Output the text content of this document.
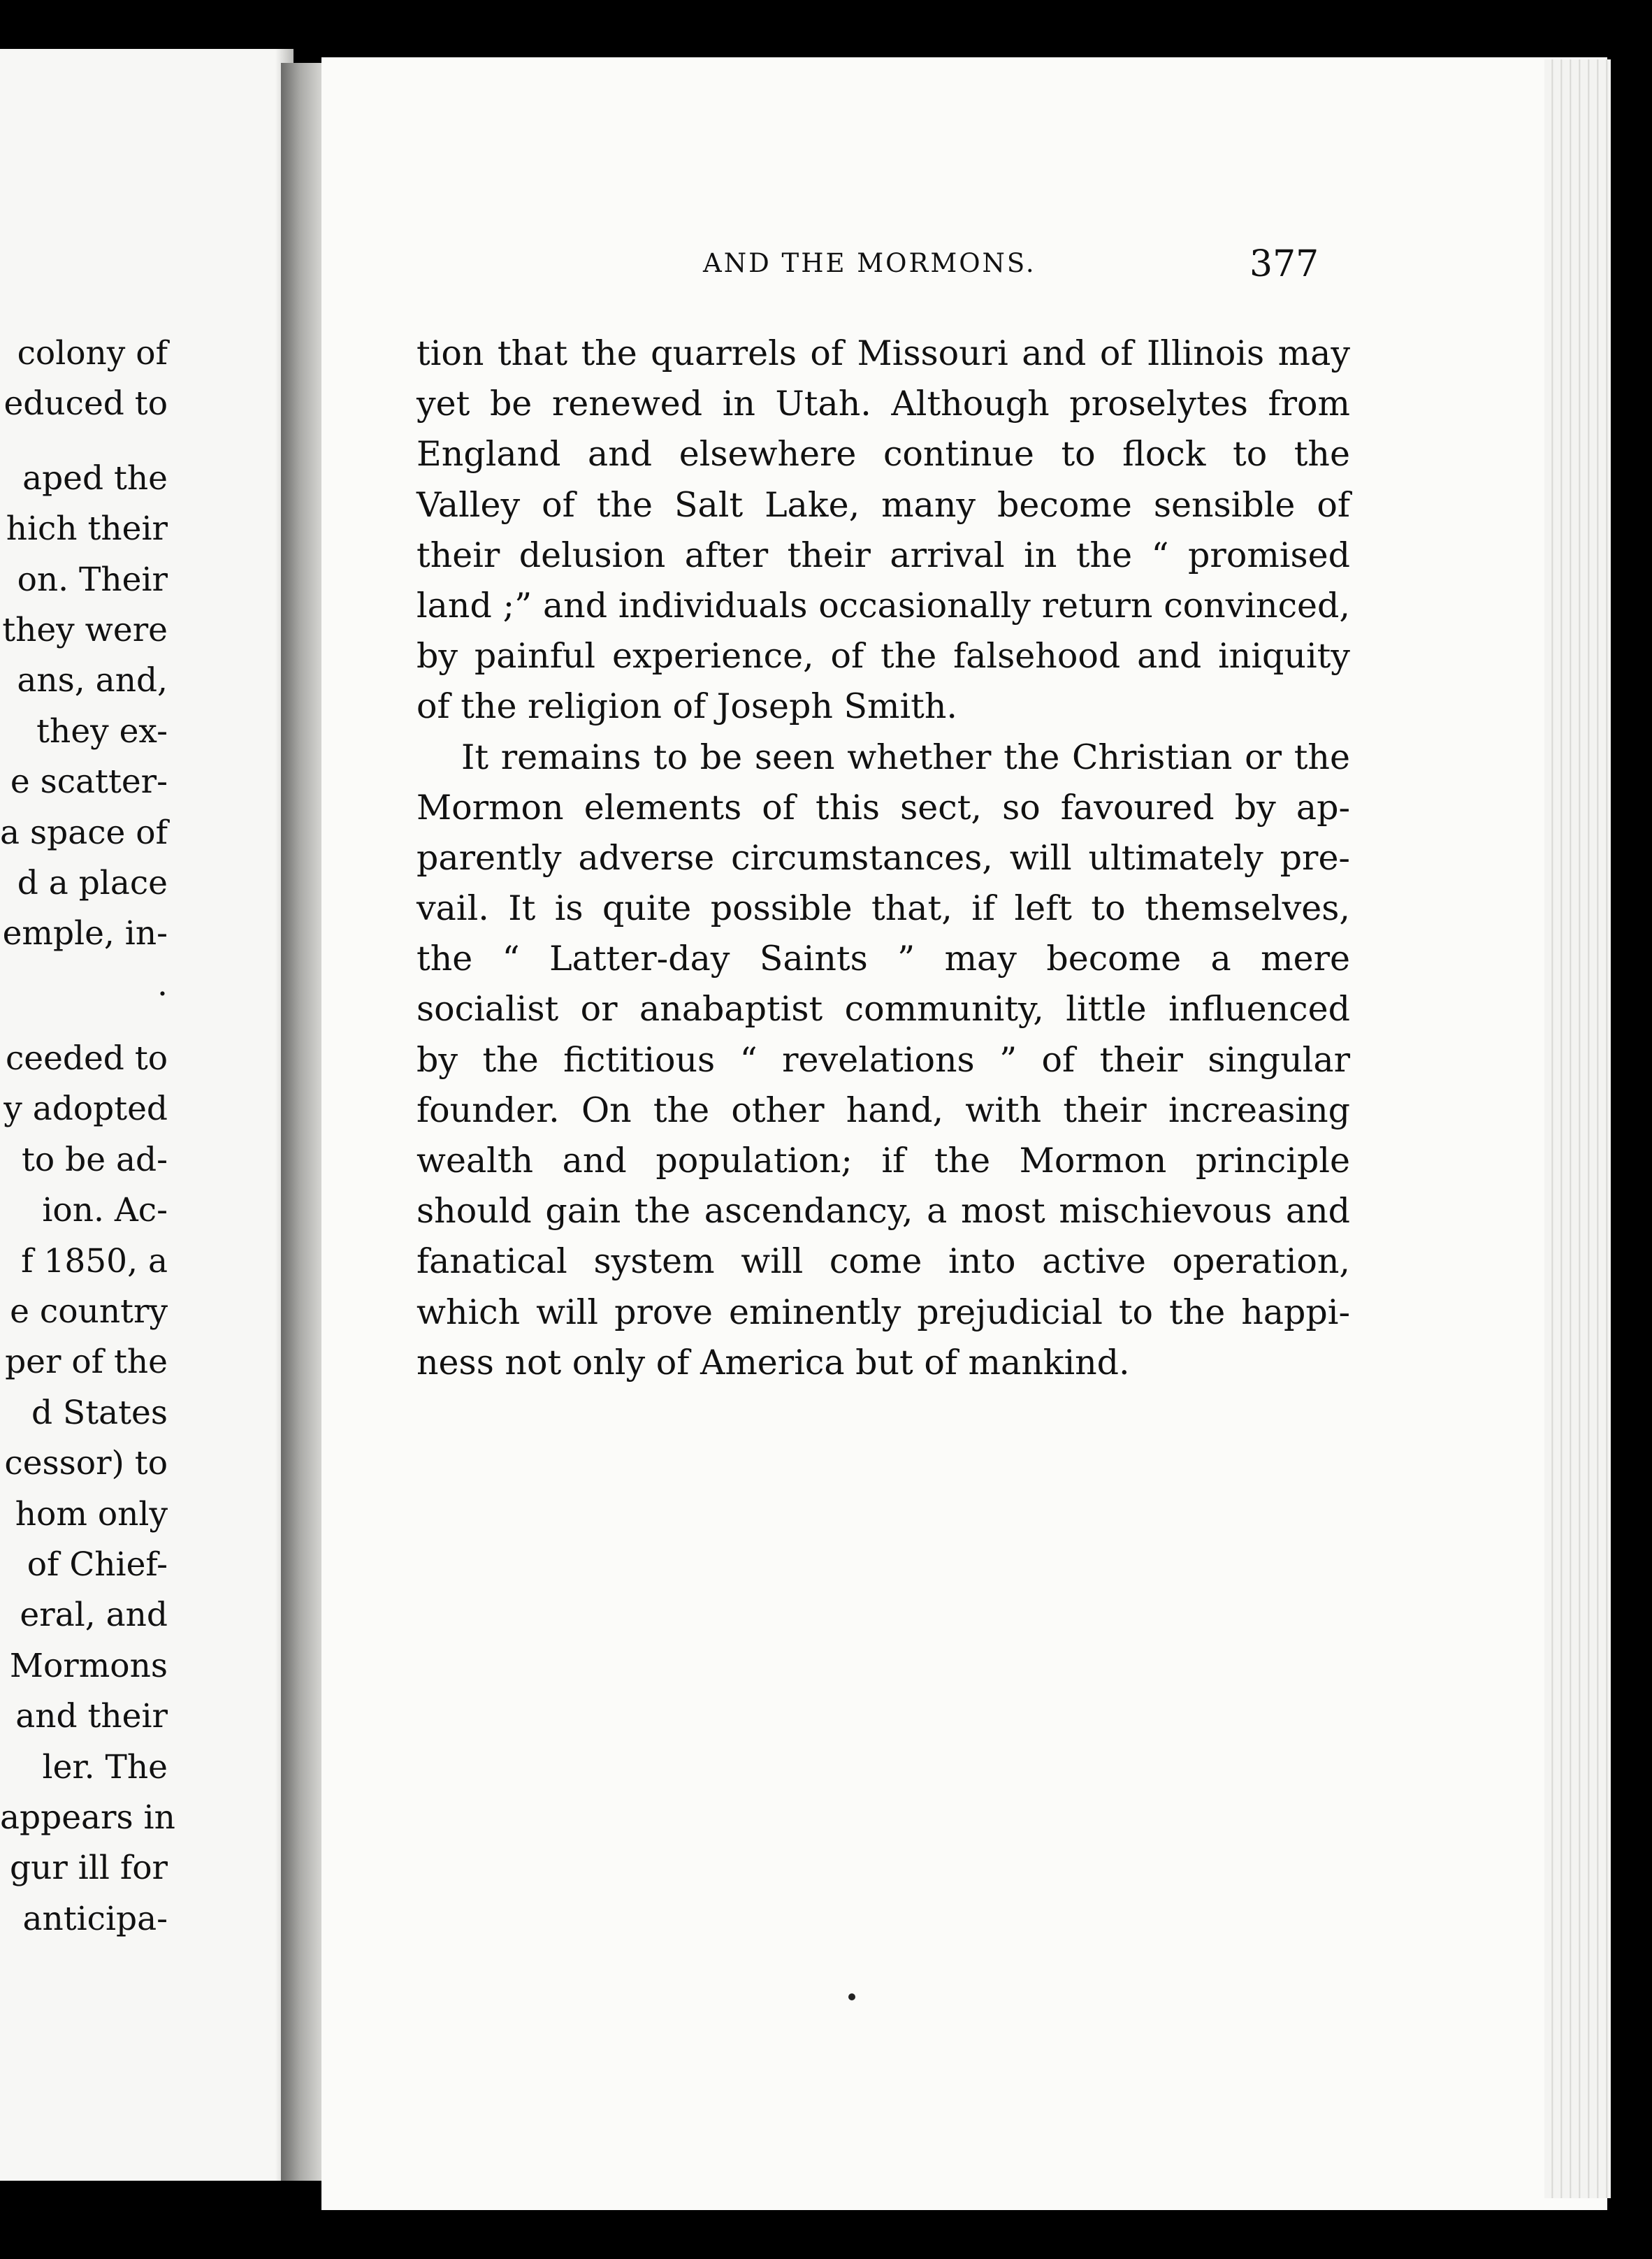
colony of
educed to
aped the
hich their
on. Their
they were
ans, and,
they ex-
e scatter-
a space of
d a place
emple, in-
.
ceeded to
y adopted
to be ad-
ion. Ac-
f 1850, a
e country
per of the
d States
cessor) to
hom only
of Chief-
eral, and
Mormons
and their
ler. The
appears in
gur ill for
anticipa-
AND THE MORMONS.	377
tion that the quarrels of Missouri and of Illinois may
yet be renewed in Utah. Although proselytes from
England and elsewhere continue to flock to the
Valley of the Salt Lake, many become sensible of
their delusion after their arrival in the “ promised
land ;” and individuals occasionally return convinced,
by painful experience, of the falsehood and iniquity
of the religion of Joseph Smith.
It remains to be seen whether the Christian or the
Mormon elements of this sect, so favoured by ap-
parently adverse circumstances, will ultimately pre-
vail. It is quite possible that, if left to themselves,
the “ Latter-day Saints ” may become a mere
socialist or anabaptist community, little influenced
by the fictitious “ revelations ” of their singular
founder. On the other hand, with their increasing
wealth and population; if the Mormon principle
should gain the ascendancy, a most mischievous and
fanatical system will come into active operation,
which will prove eminently prejudicial to the happi-
ness not only of America but of mankind.
